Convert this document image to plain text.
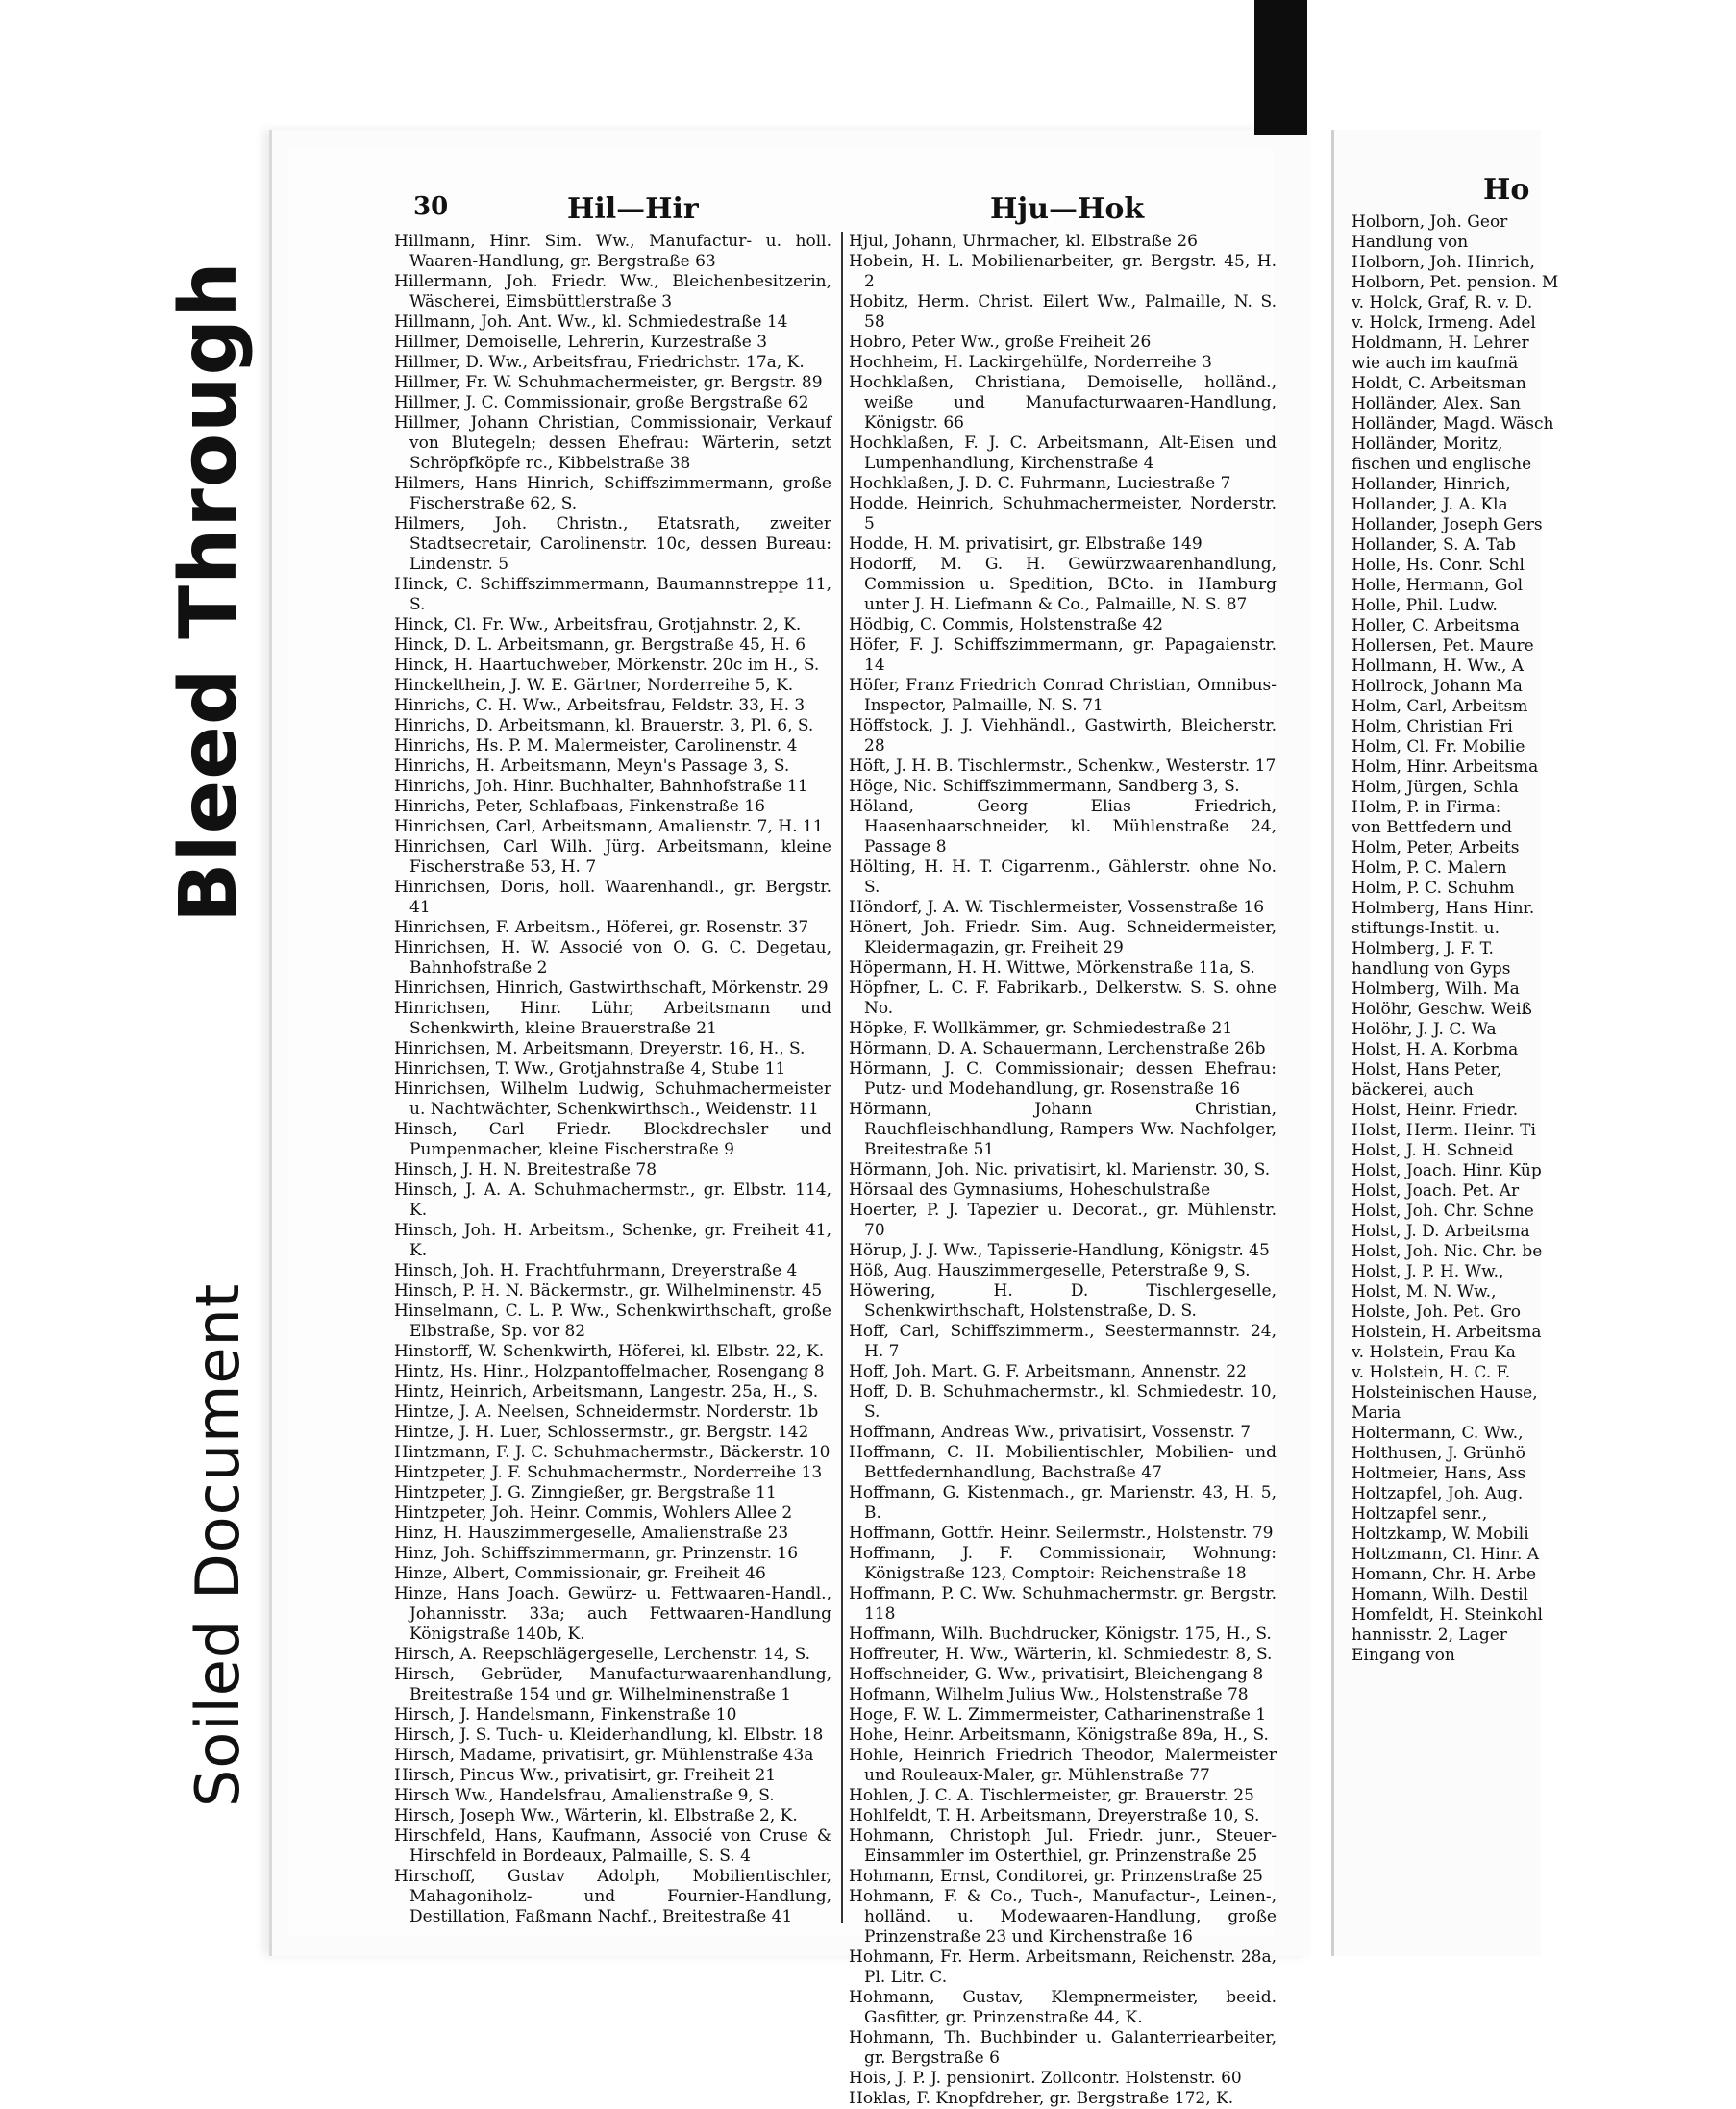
Bleed Through
Soiled Document
30	Hil—Hir	Hju—Hok

Hillmann, Hinr. Sim. Ww., Manufactur- u. holl. Waaren-Handlung, gr. Bergstraße 63

Hillermann, Joh. Friedr. Ww., Bleichenbesitzerin, Wäscherei, Eimsbüttlerstraße 3

Hillmann, Joh. Ant. Ww., kl. Schmiedestraße 14

Hillmer, Demoiselle, Lehrerin, Kurzestraße 3

Hillmer, D. Ww., Arbeitsfrau, Friedrichstr. 17a, K.

Hillmer, Fr. W. Schuhmachermeister, gr. Bergstr. 89

Hillmer, J. C. Commissionair, große Bergstraße 62

Hillmer, Johann Christian, Commissionair, Verkauf von Blutegeln; dessen Ehefrau: Wärterin, setzt Schröpfköpfe rc., Kibbelstraße 38

Hilmers, Hans Hinrich, Schiffszimmermann, große Fischerstraße 62, S.

Hilmers, Joh. Christn., Etatsrath, zweiter Stadtsecretair, Carolinenstr. 10c, dessen Bureau: Lindenstr. 5

Hinck, C. Schiffszimmermann, Baumannstreppe 11, S.

Hinck, Cl. Fr. Ww., Arbeitsfrau, Grotjahnstr. 2, K.

Hinck, D. L. Arbeitsmann, gr. Bergstraße 45, H. 6

Hinck, H. Haartuchweber, Mörkenstr. 20c im H., S.

Hinckelthein, J. W. E. Gärtner, Norderreihe 5, K.

Hinrichs, C. H. Ww., Arbeitsfrau, Feldstr. 33, H. 3

Hinrichs, D. Arbeitsmann, kl. Brauerstr. 3, Pl. 6, S.

Hinrichs, Hs. P. M. Malermeister, Carolinenstr. 4

Hinrichs, H. Arbeitsmann, Meyn's Passage 3, S.

Hinrichs, Joh. Hinr. Buchhalter, Bahnhofstraße 11

Hinrichs, Peter, Schlafbaas, Finkenstraße 16

Hinrichsen, Carl, Arbeitsmann, Amalienstr. 7, H. 11

Hinrichsen, Carl Wilh. Jürg. Arbeitsmann, kleine Fischerstraße 53, H. 7

Hinrichsen, Doris, holl. Waarenhandl., gr. Bergstr. 41

Hinrichsen, F. Arbeitsm., Höferei, gr. Rosenstr. 37

Hinrichsen, H. W. Associé von O. G. C. Degetau, Bahnhofstraße 2

Hinrichsen, Hinrich, Gastwirthschaft, Mörkenstr. 29

Hinrichsen, Hinr. Lühr, Arbeitsmann und Schenkwirth, kleine Brauerstraße 21

Hinrichsen, M. Arbeitsmann, Dreyerstr. 16, H., S.

Hinrichsen, T. Ww., Grotjahnstraße 4, Stube 11

Hinrichsen, Wilhelm Ludwig, Schuhmachermeister u. Nachtwächter, Schenkwirthsch., Weidenstr. 11

Hinsch, Carl Friedr. Blockdrechsler und Pumpenmacher, kleine Fischerstraße 9

Hinsch, J. H. N. Breitestraße 78

Hinsch, J. A. A. Schuhmachermstr., gr. Elbstr. 114, K.

Hinsch, Joh. H. Arbeitsm., Schenke, gr. Freiheit 41, K.

Hinsch, Joh. H. Frachtfuhrmann, Dreyerstraße 4

Hinsch, P. H. N. Bäckermstr., gr. Wilhelminenstr. 45

Hinselmann, C. L. P. Ww., Schenkwirthschaft, große Elbstraße, Sp. vor 82

Hinstorff, W. Schenkwirth, Höferei, kl. Elbstr. 22, K.

Hintz, Hs. Hinr., Holzpantoffelmacher, Rosengang 8

Hintz, Heinrich, Arbeitsmann, Langestr. 25a, H., S.

Hintze, J. A. Neelsen, Schneidermstr. Norderstr. 1b

Hintze, J. H. Luer, Schlossermstr., gr. Bergstr. 142

Hintzmann, F. J. C. Schuhmachermstr., Bäckerstr. 10

Hintzpeter, J. F. Schuhmachermstr., Norderreihe 13

Hintzpeter, J. G. Zinngießer, gr. Bergstraße 11

Hintzpeter, Joh. Heinr. Commis, Wohlers Allee 2

Hinz, H. Hauszimmergeselle, Amalienstraße 23

Hinz, Joh. Schiffszimmermann, gr. Prinzenstr. 16

Hinze, Albert, Commissionair, gr. Freiheit 46

Hinze, Hans Joach. Gewürz- u. Fettwaaren-Handl., Johannisstr. 33a; auch Fettwaaren-Handlung Königstraße 140b, K.

Hirsch, A. Reepschlägergeselle, Lerchenstr. 14, S.

Hirsch, Gebrüder, Manufacturwaarenhandlung, Breitestraße 154 und gr. Wilhelminenstraße 1

Hirsch, J. Handelsmann, Finkenstraße 10

Hirsch, J. S. Tuch- u. Kleiderhandlung, kl. Elbstr. 18

Hirsch, Madame, privatisirt, gr. Mühlenstraße 43a

Hirsch, Pincus Ww., privatisirt, gr. Freiheit 21

Hirsch Ww., Handelsfrau, Amalienstraße 9, S.

Hirsch, Joseph Ww., Wärterin, kl. Elbstraße 2, K.

Hirschfeld, Hans, Kaufmann, Associé von Cruse & Hirschfeld in Bordeaux, Palmaille, S. S. 4

Hirschoff, Gustav Adolph, Mobilientischler, Mahagoniholz- und Fournier-Handlung, Destillation, Faßmann Nachf., Breitestraße 41

Hjul, Johann, Uhrmacher, kl. Elbstraße 26

Hobein, H. L. Mobilienarbeiter, gr. Bergstr. 45, H. 2

Hobitz, Herm. Christ. Eilert Ww., Palmaille, N. S. 58

Hobro, Peter Ww., große Freiheit 26

Hochheim, H. Lackirgehülfe, Norderreihe 3

Hochklaßen, Christiana, Demoiselle, holländ., weiße und Manufacturwaaren-Handlung, Königstr. 66

Hochklaßen, F. J. C. Arbeitsmann, Alt-Eisen und Lumpenhandlung, Kirchenstraße 4

Hochklaßen, J. D. C. Fuhrmann, Luciestraße 7

Hodde, Heinrich, Schuhmachermeister, Norderstr. 5

Hodde, H. M. privatisirt, gr. Elbstraße 149

Hodorff, M. G. H. Gewürzwaarenhandlung, Commission u. Spedition, BCto. in Hamburg unter J. H. Liefmann & Co., Palmaille, N. S. 87

Hödbig, C. Commis, Holstenstraße 42

Höfer, F. J. Schiffszimmermann, gr. Papagaienstr. 14

Höfer, Franz Friedrich Conrad Christian, Omnibus-Inspector, Palmaille, N. S. 71

Höffstock, J. J. Viehhändl., Gastwirth, Bleicherstr. 28

Höft, J. H. B. Tischlermstr., Schenkw., Westerstr. 17

Höge, Nic. Schiffszimmermann, Sandberg 3, S.

Höland, Georg Elias Friedrich, Haasenhaarschneider, kl. Mühlenstraße 24, Passage 8

Hölting, H. H. T. Cigarrenm., Gählerstr. ohne No. S.

Höndorf, J. A. W. Tischlermeister, Vossenstraße 16

Hönert, Joh. Friedr. Sim. Aug. Schneidermeister, Kleidermagazin, gr. Freiheit 29

Höpermann, H. H. Wittwe, Mörkenstraße 11a, S.

Höpfner, L. C. F. Fabrikarb., Delkerstw. S. S. ohne No.

Höpke, F. Wollkämmer, gr. Schmiedestraße 21

Hörmann, D. A. Schauermann, Lerchenstraße 26b

Hörmann, J. C. Commissionair; dessen Ehefrau: Putz- und Modehandlung, gr. Rosenstraße 16

Hörmann, Johann Christian, Rauchfleischhandlung, Rampers Ww. Nachfolger, Breitestraße 51

Hörmann, Joh. Nic. privatisirt, kl. Marienstr. 30, S.

Hörsaal des Gymnasiums, Hoheschulstraße

Hoerter, P. J. Tapezier u. Decorat., gr. Mühlenstr. 70

Hörup, J. J. Ww., Tapisserie-Handlung, Königstr. 45

Höß, Aug. Hauszimmergeselle, Peterstraße 9, S.

Höwering, H. D. Tischlergeselle, Schenkwirthschaft, Holstenstraße, D. S.

Hoff, Carl, Schiffszimmerm., Seestermannstr. 24, H. 7

Hoff, Joh. Mart. G. F. Arbeitsmann, Annenstr. 22

Hoff, D. B. Schuhmachermstr., kl. Schmiedestr. 10, S.

Hoffmann, Andreas Ww., privatisirt, Vossenstr. 7

Hoffmann, C. H. Mobilientischler, Mobilien- und Bettfedernhandlung, Bachstraße 47

Hoffmann, G. Kistenmach., gr. Marienstr. 43, H. 5, B.

Hoffmann, Gottfr. Heinr. Seilermstr., Holstenstr. 79

Hoffmann, J. F. Commissionair, Wohnung: Königstraße 123, Comptoir: Reichenstraße 18

Hoffmann, P. C. Ww. Schuhmachermstr. gr. Bergstr. 118

Hoffmann, Wilh. Buchdrucker, Königstr. 175, H., S.

Hoffreuter, H. Ww., Wärterin, kl. Schmiedestr. 8, S.

Hoffschneider, G. Ww., privatisirt, Bleichengang 8

Hofmann, Wilhelm Julius Ww., Holstenstraße 78

Hoge, F. W. L. Zimmermeister, Catharinenstraße 1

Hohe, Heinr. Arbeitsmann, Königstraße 89a, H., S.

Hohle, Heinrich Friedrich Theodor, Malermeister und Rouleaux-Maler, gr. Mühlenstraße 77

Hohlen, J. C. A. Tischlermeister, gr. Brauerstr. 25

Hohlfeldt, T. H. Arbeitsmann, Dreyerstraße 10, S.

Hohmann, Christoph Jul. Friedr. junr., Steuer-Einsammler im Osterthiel, gr. Prinzenstraße 25

Hohmann, Ernst, Conditorei, gr. Prinzenstraße 25

Hohmann, F. & Co., Tuch-, Manufactur-, Leinen-, holländ. u. Modewaaren-Handlung, große Prinzenstraße 23 und Kirchenstraße 16

Hohmann, Fr. Herm. Arbeitsmann, Reichenstr. 28a, Pl. Litr. C.

Hohmann, Gustav, Klempnermeister, beeid. Gasfitter, gr. Prinzenstraße 44, K.

Hohmann, Th. Buchbinder u. Galanterriearbeiter, gr. Bergstraße 6

Hois, J. P. J. pensionirt. Zollcontr. Holstenstr. 60

Hoklas, F. Knopfdreher, gr. Bergstraße 172, K.

Ho
Holborn, Joh. Geor
Handlung von
Holborn, Joh. Hinrich,
Holborn, Pet. pension. M
v. Holck, Graf, R. v. D.
v. Holck, Irmeng. Adel
Holdmann, H. Lehrer
wie auch im kaufmä
Holdt, C. Arbeitsman
Holländer, Alex. San
Holländer, Magd. Wäsch
Holländer, Moritz,
fischen und englische
Hollander, Hinrich,
Hollander, J. A. Kla
Hollander, Joseph Gers
Hollander, S. A. Tab
Holle, Hs. Conr. Schl
Holle, Hermann, Gol
Holle, Phil. Ludw.
Holler, C. Arbeitsma
Hollersen, Pet. Maure
Hollmann, H. Ww., A
Hollrock, Johann Ma
Holm, Carl, Arbeitsm
Holm, Christian Fri
Holm, Cl. Fr. Mobilie
Holm, Hinr. Arbeitsma
Holm, Jürgen, Schla
Holm, P. in Firma:
von Bettfedern und
Holm, Peter, Arbeits
Holm, P. C. Malern
Holm, P. C. Schuhm
Holmberg, Hans Hinr.
stiftungs-Instit. u.
Holmberg, J. F. T.
handlung von Gyps
Holmberg, Wilh. Ma
Holöhr, Geschw. Weiß
Holöhr, J. J. C. Wa
Holst, H. A. Korbma
Holst, Hans Peter,
bäckerei, auch
Holst, Heinr. Friedr.
Holst, Herm. Heinr. Ti
Holst, J. H. Schneid
Holst, Joach. Hinr. Küp
Holst, Joach. Pet. Ar
Holst, Joh. Chr. Schne
Holst, J. D. Arbeitsma
Holst, Joh. Nic. Chr. be
Holst, J. P. H. Ww.,
Holst, M. N. Ww.,
Holste, Joh. Pet. Gro
Holstein, H. Arbeitsma
v. Holstein, Frau Ka
v. Holstein, H. C. F.
Holsteinischen Hause,
Maria
Holtermann, C. Ww.,
Holthusen, J. Grünhö
Holtmeier, Hans, Ass
Holtzapfel, Joh. Aug.
Holtzapfel senr.,
Holtzkamp, W. Mobili
Holtzmann, Cl. Hinr. A
Homann, Chr. H. Arbe
Homann, Wilh. Destil
Homfeldt, H. Steinkohl
hannisstr. 2, Lager
Eingang von
